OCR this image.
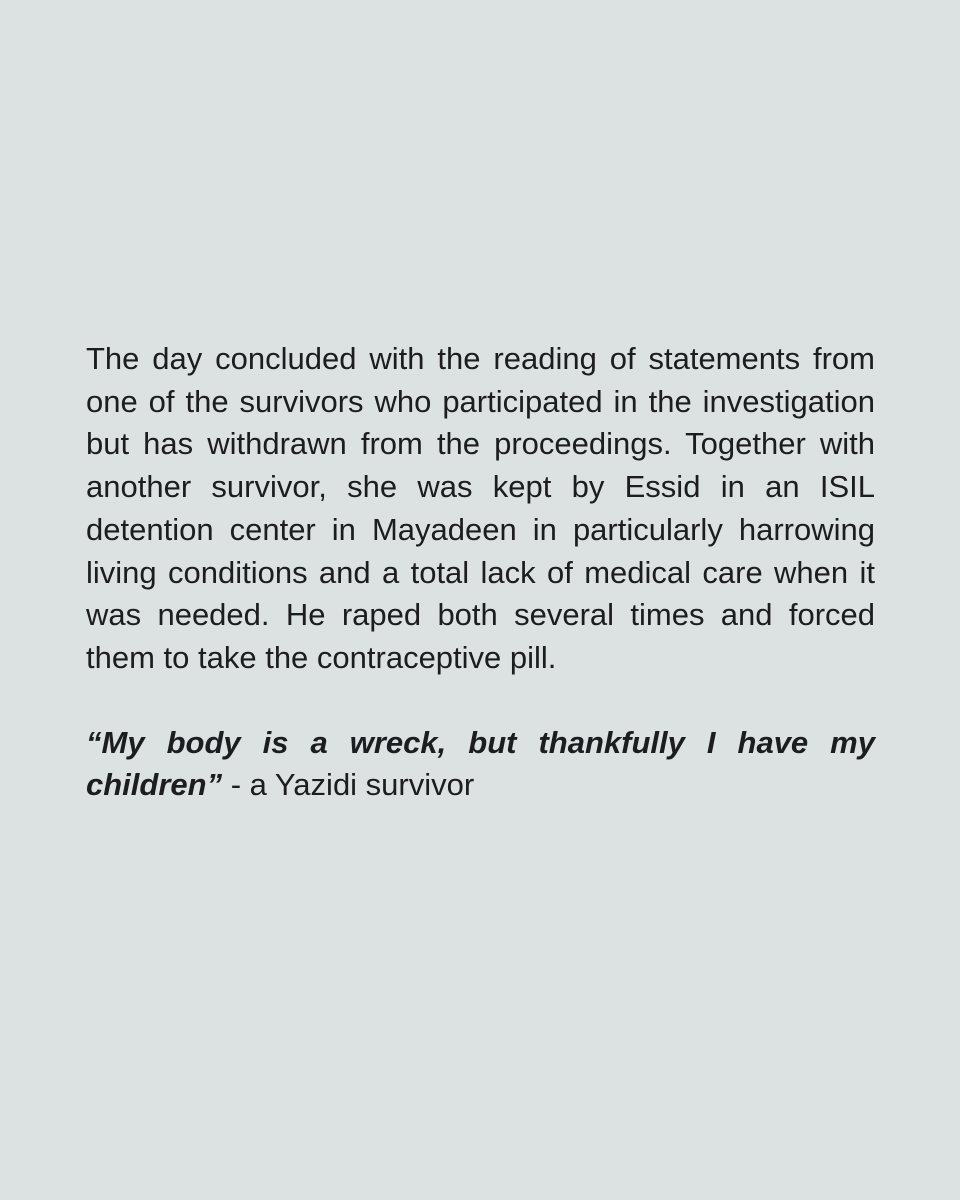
The day concluded with the reading of statements from one of the survivors who participated in the investigation but has withdrawn from the proceedings. Together with another survivor, she was kept by Essid in an ISIL detention center in Mayadeen in particularly harrowing living conditions and a total lack of medical care when it was needed. He raped both several times and forced them to take the contraceptive pill.

“My body is a wreck, but thankfully I have my children” - a Yazidi survivor
